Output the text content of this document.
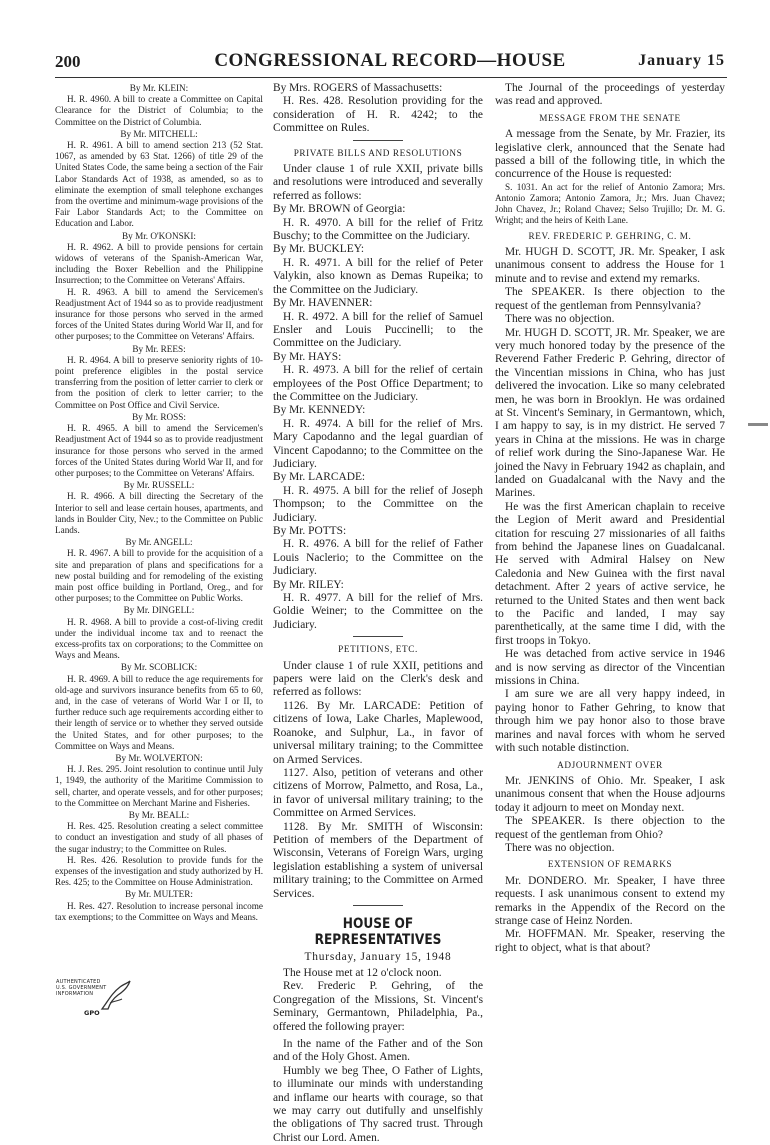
200	CONGRESSIONAL RECORD—HOUSE	January 15

By Mr. KLEIN:

H. R. 4960. A bill to create a Committee on Capital Clearance for the District of Columbia; to the Committee on the District of Columbia.

By Mr. MITCHELL:

H. R. 4961. A bill to amend section 213 (52 Stat. 1067, as amended by 63 Stat. 1266) of title 29 of the United States Code, the same being a section of the Fair Labor Standards Act of 1938, as amended, so as to eliminate the exemption of small telephone exchanges from the overtime and minimum-wage provisions of the Fair Labor Standards Act; to the Committee on Education and Labor.

By Mr. O'KONSKI:

H. R. 4962. A bill to provide pensions for certain widows of veterans of the Spanish-American War, including the Boxer Rebellion and the Philippine Insurrection; to the Committee on Veterans' Affairs.

H. R. 4963. A bill to amend the Servicemen's Readjustment Act of 1944 so as to provide readjustment insurance for those persons who served in the armed forces of the United States during World War II, and for other purposes; to the Committee on Veterans' Affairs.

By Mr. REES:

H. R. 4964. A bill to preserve seniority rights of 10-point preference eligibles in the postal service transferring from the position of letter carrier to clerk or from the position of clerk to letter carrier; to the Committee on Post Office and Civil Service.

By Mr. ROSS:

H. R. 4965. A bill to amend the Servicemen's Readjustment Act of 1944 so as to provide readjustment insurance for those persons who served in the armed forces of the United States during World War II, and for other purposes; to the Committee on Veterans' Affairs.

By Mr. RUSSELL:

H. R. 4966. A bill directing the Secretary of the Interior to sell and lease certain houses, apartments, and lands in Boulder City, Nev.; to the Committee on Public Lands.

By Mr. ANGELL:

H. R. 4967. A bill to provide for the acquisition of a site and preparation of plans and specifications for a new postal building and for remodeling of the existing main post office building in Portland, Oreg., and for other purposes; to the Committee on Public Works.

By Mr. DINGELL:

H. R. 4968. A bill to provide a cost-of-living credit under the individual income tax and to reenact the excess-profits tax on corporations; to the Committee on Ways and Means.

By Mr. SCOBLICK:

H. R. 4969. A bill to reduce the age requirements for old-age and survivors insurance benefits from 65 to 60, and, in the case of veterans of World War I or II, to further reduce such age requirements according either to their length of service or to whether they served outside the United States, and for other purposes; to the Committee on Ways and Means.

By Mr. WOLVERTON:

H. J. Res. 295. Joint resolution to continue until July 1, 1949, the authority of the Maritime Commission to sell, charter, and operate vessels, and for other purposes; to the Committee on Merchant Marine and Fisheries.

By Mr. BEALL:

H. Res. 425. Resolution creating a select committee to conduct an investigation and study of all phases of the sugar industry; to the Committee on Rules.

H. Res. 426. Resolution to provide funds for the expenses of the investigation and study authorized by H. Res. 425; to the Committee on House Administration.

By Mr. MULTER:

H. Res. 427. Resolution to increase personal income tax exemptions; to the Committee on Ways and Means.

By Mrs. ROGERS of Massachusetts:

H. Res. 428. Resolution providing for the consideration of H. R. 4242; to the Committee on Rules.

PRIVATE BILLS AND RESOLUTIONS

Under clause 1 of rule XXII, private bills and resolutions were introduced and severally referred as follows:

By Mr. BROWN of Georgia:

H. R. 4970. A bill for the relief of Fritz Buschy; to the Committee on the Judiciary.

By Mr. BUCKLEY:

H. R. 4971. A bill for the relief of Peter Valykin, also known as Demas Rupeika; to the Committee on the Judiciary.

By Mr. HAVENNER:

H. R. 4972. A bill for the relief of Samuel Ensler and Louis Puccinelli; to the Committee on the Judiciary.

By Mr. HAYS:

H. R. 4973. A bill for the relief of certain employees of the Post Office Department; to the Committee on the Judiciary.

By Mr. KENNEDY:

H. R. 4974. A bill for the relief of Mrs. Mary Capodanno and the legal guardian of Vincent Capodanno; to the Committee on the Judiciary.

By Mr. LARCADE:

H. R. 4975. A bill for the relief of Joseph Thompson; to the Committee on the Judiciary.

By Mr. POTTS:

H. R. 4976. A bill for the relief of Father Louis Naclerio; to the Committee on the Judiciary.

By Mr. RILEY:

H. R. 4977. A bill for the relief of Mrs. Goldie Weiner; to the Committee on the Judiciary.

PETITIONS, ETC.

Under clause 1 of rule XXII, petitions and papers were laid on the Clerk's desk and referred as follows:

1126. By Mr. LARCADE: Petition of citizens of Iowa, Lake Charles, Maplewood, Roanoke, and Sulphur, La., in favor of universal military training; to the Committee on Armed Services.

1127. Also, petition of veterans and other citizens of Morrow, Palmetto, and Rosa, La., in favor of universal military training; to the Committee on Armed Services.

1128. By Mr. SMITH of Wisconsin: Petition of members of the Department of Wisconsin, Veterans of Foreign Wars, urging legislation establishing a system of universal military training; to the Committee on Armed Services.

HOUSE OF REPRESENTATIVES
Thursday, January 15, 1948

The House met at 12 o'clock noon.

Rev. Frederic P. Gehring, of the Congregation of the Missions, St. Vincent's Seminary, Germantown, Philadelphia, Pa., offered the following prayer:

In the name of the Father and of the Son and of the Holy Ghost. Amen.

Humbly we beg Thee, O Father of Lights, to illuminate our minds with understanding and inflame our hearts with courage, so that we may carry out dutifully and unselfishly the obligations of Thy sacred trust. Through Christ our Lord. Amen.

The Journal of the proceedings of yesterday was read and approved.

MESSAGE FROM THE SENATE

A message from the Senate, by Mr. Frazier, its legislative clerk, announced that the Senate had passed a bill of the following title, in which the concurrence of the House is requested:

S. 1031. An act for the relief of Antonio Zamora; Mrs. Antonio Zamora; Antonio Zamora, Jr.; Mrs. Juan Chavez; John Chavez, Jr.; Roland Chavez; Selso Trujillo; Dr. M. G. Wright; and the heirs of Keith Lane.

REV. FREDERIC P. GEHRING, C. M.

Mr. HUGH D. SCOTT, JR. Mr. Speaker, I ask unanimous consent to address the House for 1 minute and to revise and extend my remarks.

The SPEAKER. Is there objection to the request of the gentleman from Pennsylvania?

There was no objection.

Mr. HUGH D. SCOTT, JR. Mr. Speaker, we are very much honored today by the presence of the Reverend Father Frederic P. Gehring, director of the Vincentian missions in China, who has just delivered the invocation. Like so many celebrated men, he was born in Brooklyn. He was ordained at St. Vincent's Seminary, in Germantown, which, I am happy to say, is in my district. He served 7 years in China at the missions. He was in charge of relief work during the Sino-Japanese War. He joined the Navy in February 1942 as chaplain, and landed on Guadalcanal with the Navy and the Marines.

He was the first American chaplain to receive the Legion of Merit award and Presidential citation for rescuing 27 missionaries of all faiths from behind the Japanese lines on Guadalcanal. He served with Admiral Halsey on New Caledonia and New Guinea with the first naval detachment. After 2 years of active service, he returned to the United States and then went back to the Pacific and landed, I may say parenthetically, at the same time I did, with the first troops in Tokyo.

He was detached from active service in 1946 and is now serving as director of the Vincentian missions in China.

I am sure we are all very happy indeed, in paying honor to Father Gehring, to know that through him we pay honor also to those brave marines and naval forces with whom he served with such notable distinction.

ADJOURNMENT OVER

Mr. JENKINS of Ohio. Mr. Speaker, I ask unanimous consent that when the House adjourns today it adjourn to meet on Monday next.

The SPEAKER. Is there objection to the request of the gentleman from Ohio?

There was no objection.

EXTENSION OF REMARKS

Mr. DONDERO. Mr. Speaker, I have three requests. I ask unanimous consent to extend my remarks in the Appendix of the Record on the strange case of Heinz Norden.

Mr. HOFFMAN. Mr. Speaker, reserving the right to object, what is that about?

AUTHENTICATED
U.S. GOVERNMENT
INFORMATION
GPO
